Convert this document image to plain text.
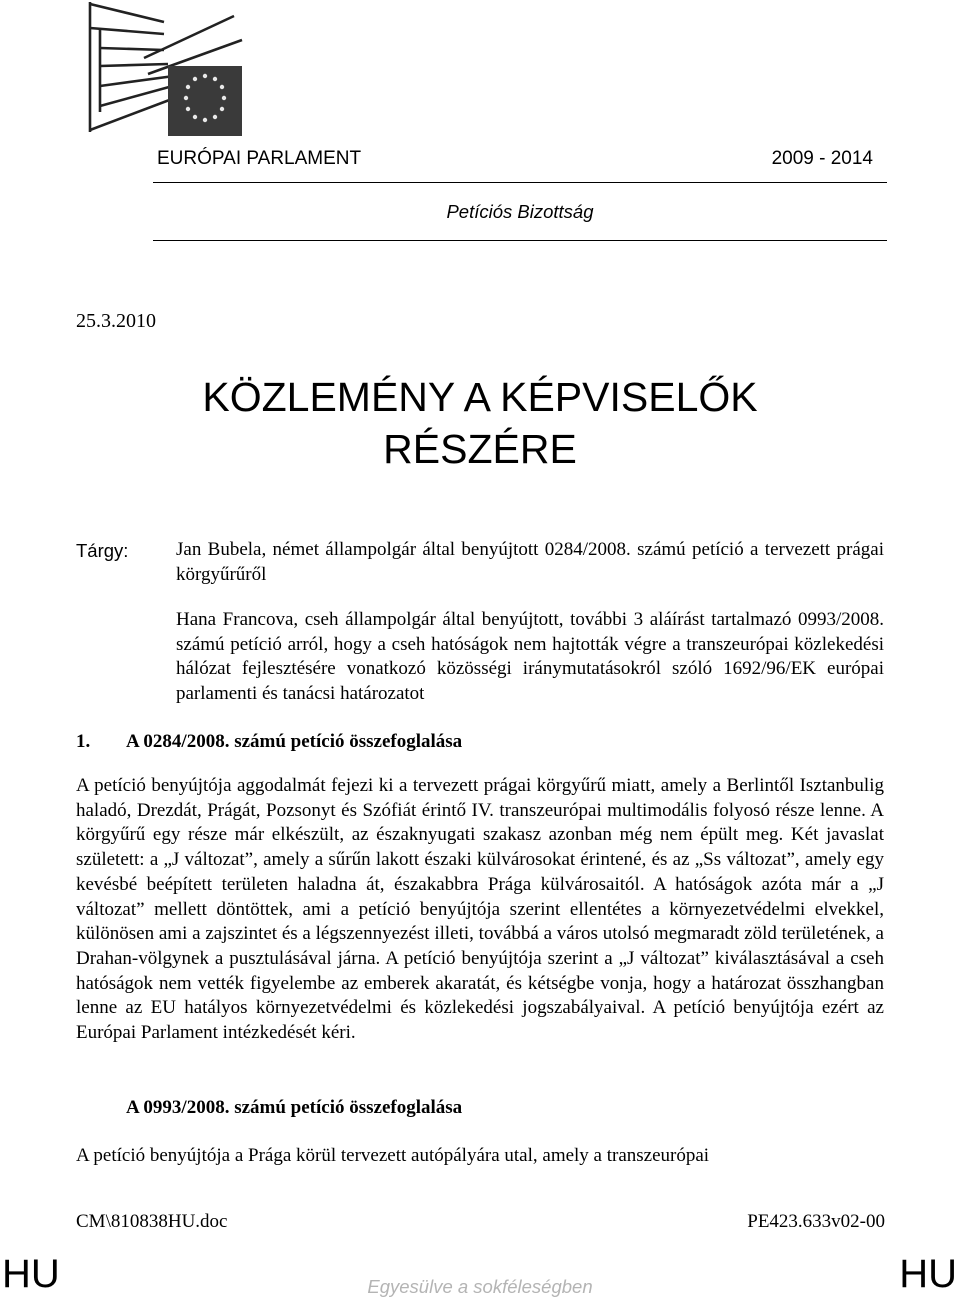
EURÓPAI PARLAMENT	2009 - 2014
Petíciós Bizottság
25.3.2010
KÖZLEMÉNY A KÉPVISELŐK
RÉSZÉRE
Tárgy:	Jan Bubela, német állampolgár által benyújtott 0284/2008. számú petíció a tervezett prágai körgyűrűről
Hana Francova, cseh állampolgár által benyújtott, további 3 aláírást tartalmazó 0993/2008. számú petíció arról, hogy a cseh hatóságok nem hajtották végre a transzeurópai közlekedési hálózat fejlesztésére vonatkozó közösségi iránymutatásokról szóló 1692/96/EK európai parlamenti és tanácsi határozatot
1. A 0284/2008. számú petíció összefoglalása
A petíció benyújtója aggodalmát fejezi ki a tervezett prágai körgyűrű miatt, amely a Berlintől Isztanbulig haladó, Drezdát, Prágát, Pozsonyt és Szófiát érintő IV. transzeurópai multimodális folyosó része lenne. A körgyűrű egy része már elkészült, az északnyugati szakasz azonban még nem épült meg. Két javaslat született: a „J változat”, amely a sűrűn lakott északi külvárosokat érintené, és az „Ss változat”, amely egy kevésbé beépített területen haladna át, északabbra Prága külvárosaitól. A hatóságok azóta már a „J változat” mellett döntöttek, ami a petíció benyújtója szerint ellentétes a környezetvédelmi elvekkel, különösen ami a zajszintet és a légszennyezést illeti, továbbá a város utolsó megmaradt zöld területének, a Drahan-völgynek a pusztulásával járna. A petíció benyújtója szerint a „J változat” kiválasztásával a cseh hatóságok nem vették figyelembe az emberek akaratát, és kétségbe vonja, hogy a határozat összhangban lenne az EU hatályos környezetvédelmi és közlekedési jogszabályaival. A petíció benyújtója ezért az Európai Parlament intézkedését kéri.
A 0993/2008. számú petíció összefoglalása
A petíció benyújtója a Prága körül tervezett autópályára utal, amely a transzeurópai
CM\810838HU.doc	PE423.633v02-00
HU	Egyesülve a sokféleségben	HU
